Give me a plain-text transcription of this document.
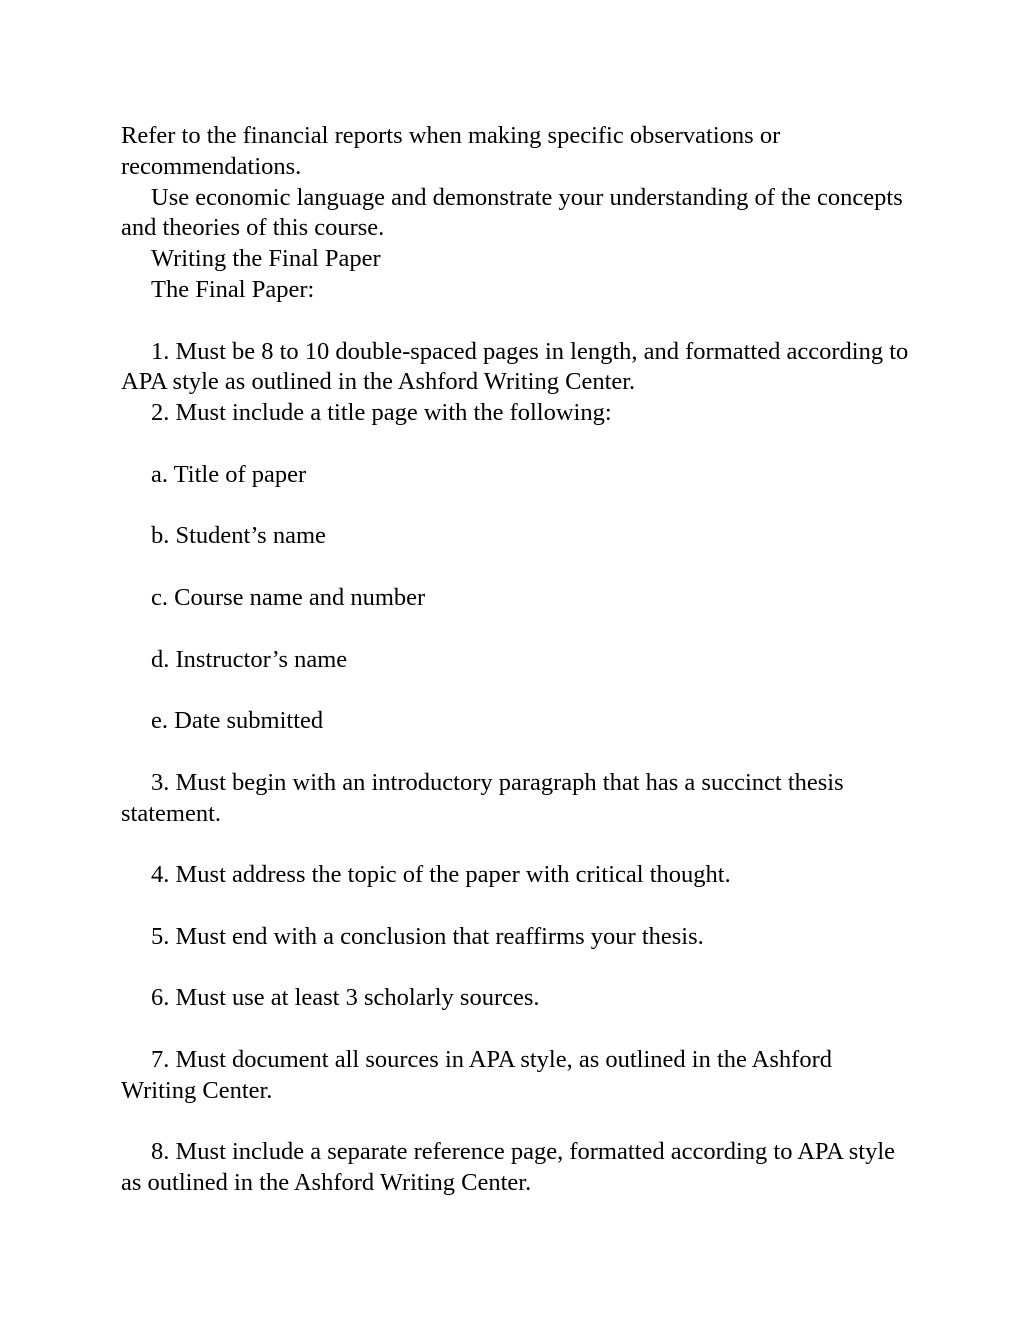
Refer to the financial reports when making specific observations or recommendations.

Use economic language and demonstrate your understanding of the concepts and theories of this course.

Writing the Final Paper

The Final Paper:

1. Must be 8 to 10 double-spaced pages in length, and formatted according to APA style as outlined in the Ashford Writing Center.

2. Must include a title page with the following:

a. Title of paper

b. Student’s name

c. Course name and number

d. Instructor’s name

e. Date submitted

3. Must begin with an introductory paragraph that has a succinct thesis statement.

4. Must address the topic of the paper with critical thought.

5. Must end with a conclusion that reaffirms your thesis.

6. Must use at least 3 scholarly sources.

7. Must document all sources in APA style, as outlined in the Ashford Writing Center.

8. Must include a separate reference page, formatted according to APA style as outlined in the Ashford Writing Center.
